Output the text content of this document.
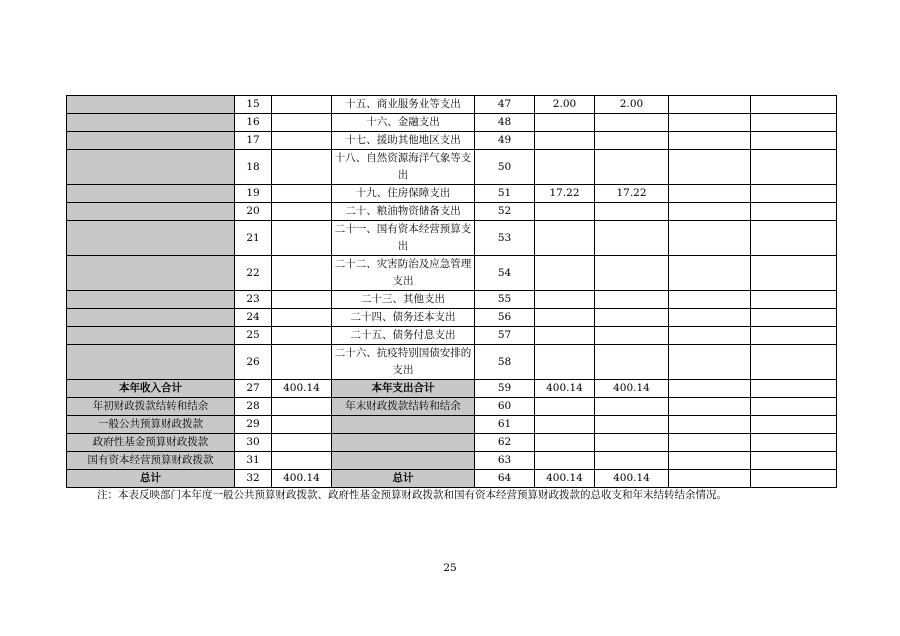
	15		十五、商业服务业等支出	47	2.00	2.00		
	16		十六、金融支出	48				
	17		十七、援助其他地区支出	49				
	18		十八、自然资源海洋气象等支出	50				
	19		十九、住房保障支出	51	17.22	17.22		
	20		二十、粮油物资储备支出	52				
	21		二十一、国有资本经营预算支出	53				
	22		二十二、灾害防治及应急管理支出	54				
	23		二十三、其他支出	55				
	24		二十四、债务还本支出	56				
	25		二十五、债务付息支出	57				
	26		二十六、抗疫特别国债安排的支出	58				
本年收入合计	27	400.14	本年支出合计	59	400.14	400.14		
年初财政拨款结转和结余	28		年末财政拨款结转和结余	60				
一般公共预算财政拨款	29			61				
政府性基金预算财政拨款	30			62				
国有资本经营预算财政拨款	31			63				
总计	32	400.14	总计	64	400.14	400.14		
注：本表反映部门本年度一般公共预算财政拨款、政府性基金预算财政拨款和国有资本经营预算财政拨款的总收支和年末结转结余情况。
25
